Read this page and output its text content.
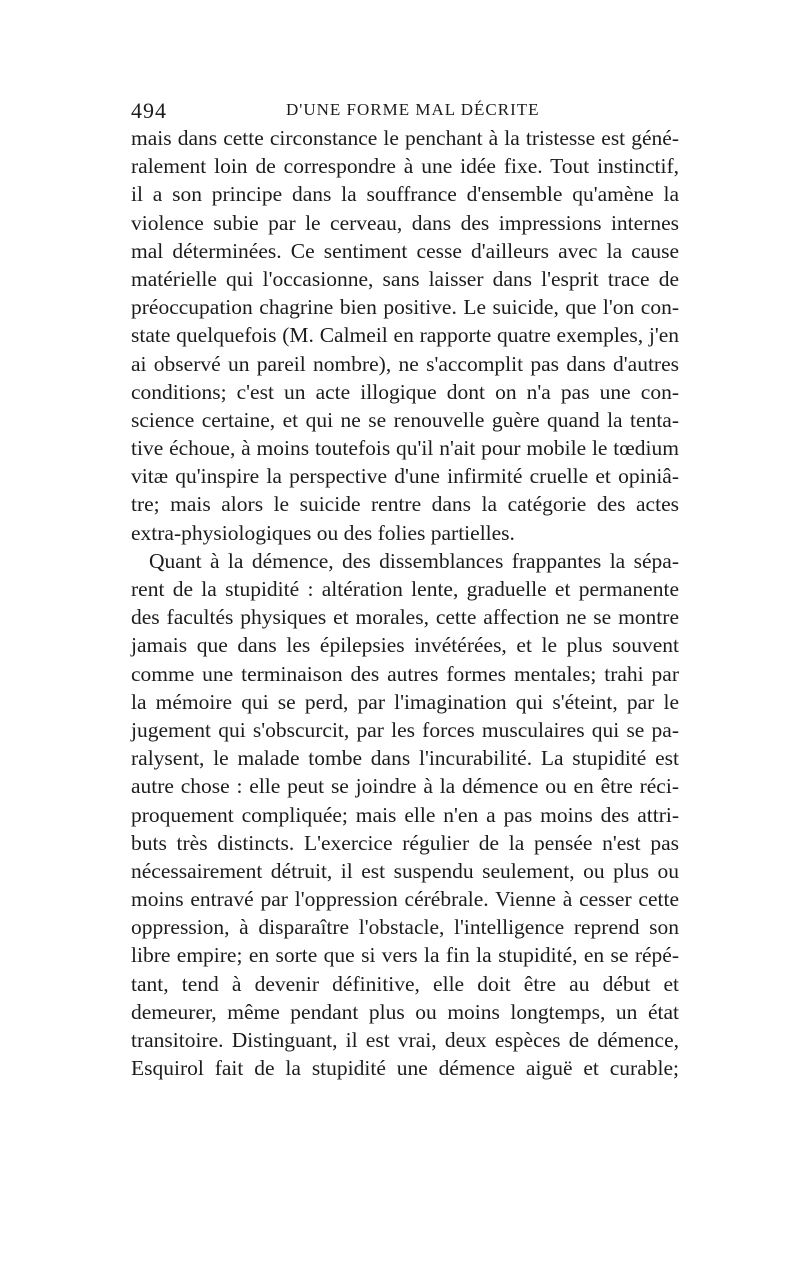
494	D'UNE FORME MAL DÉCRITE
mais dans cette circonstance le penchant à la tristesse est géné-
ralement loin de correspondre à une idée fixe. Tout instinctif,
il a son principe dans la souffrance d'ensemble qu'amène la
violence subie par le cerveau, dans des impressions internes
mal déterminées. Ce sentiment cesse d'ailleurs avec la cause
matérielle qui l'occasionne, sans laisser dans l'esprit trace de
préoccupation chagrine bien positive. Le suicide, que l'on con-
state quelquefois (M. Calmeil en rapporte quatre exemples, j'en
ai observé un pareil nombre), ne s'accomplit pas dans d'autres
conditions; c'est un acte illogique dont on n'a pas une con-
science certaine, et qui ne se renouvelle guère quand la tenta-
tive échoue, à moins toutefois qu'il n'ait pour mobile le tœdium
vitæ qu'inspire la perspective d'une infirmité cruelle et opiniâ-
tre; mais alors le suicide rentre dans la catégorie des actes
extra-physiologiques ou des folies partielles.
Quant à la démence, des dissemblances frappantes la sépa-
rent de la stupidité : altération lente, graduelle et permanente
des facultés physiques et morales, cette affection ne se montre
jamais que dans les épilepsies invétérées, et le plus souvent
comme une terminaison des autres formes mentales; trahi par
la mémoire qui se perd, par l'imagination qui s'éteint, par le
jugement qui s'obscurcit, par les forces musculaires qui se pa-
ralysent, le malade tombe dans l'incurabilité. La stupidité est
autre chose : elle peut se joindre à la démence ou en être réci-
proquement compliquée; mais elle n'en a pas moins des attri-
buts très distincts. L'exercice régulier de la pensée n'est pas
nécessairement détruit, il est suspendu seulement, ou plus ou
moins entravé par l'oppression cérébrale. Vienne à cesser cette
oppression, à disparaître l'obstacle, l'intelligence reprend son
libre empire; en sorte que si vers la fin la stupidité, en se répé-
tant, tend à devenir définitive, elle doit être au début et
demeurer, même pendant plus ou moins longtemps, un état
transitoire. Distinguant, il est vrai, deux espèces de démence,
Esquirol fait de la stupidité une démence aiguë et curable;
